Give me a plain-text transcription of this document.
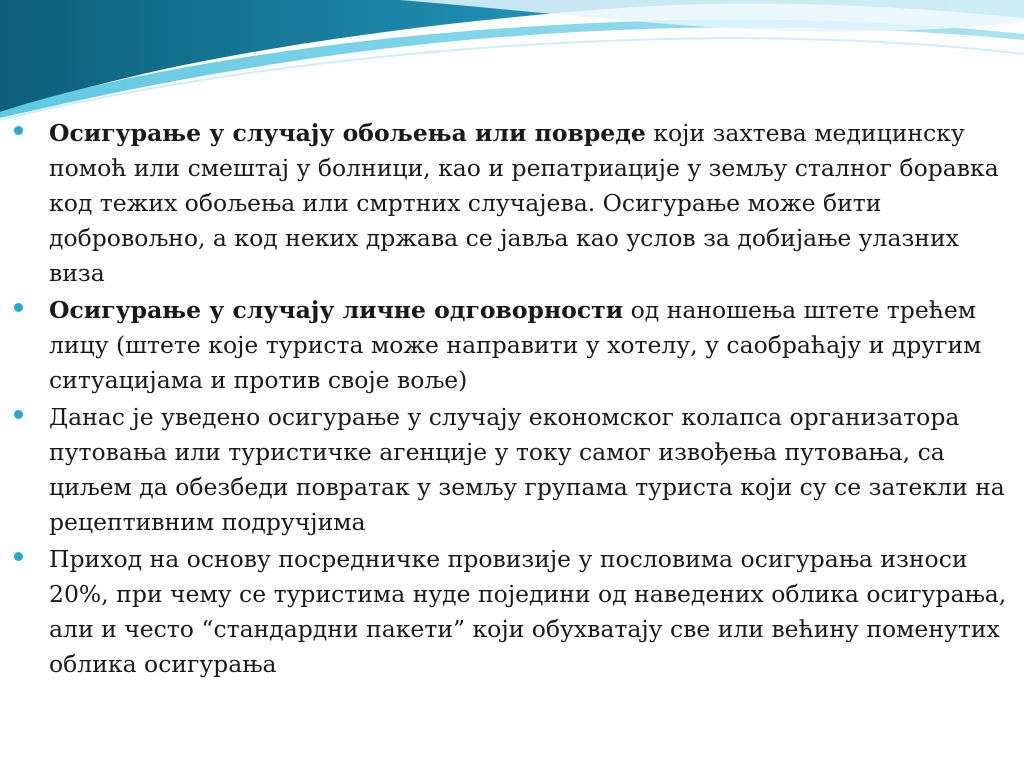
Осигурање у случају обољења или повреде који захтева медицинску помоћ или смештај у болници, као и репатриације у земљу сталног боравка код тежих обољења или смртних случајева. Осигурање може бити добровољно, а код неких држава се јавља као услов за добијање улазних виза
Осигурање у случају личне одговорности од наношења штете трећем лицу (штете које туриста може направити у хотелу, у саобраћају и другим ситуацијама и против своје воље)
Данас је уведено осигурање у случају економског колапса организатора путовања или туристичке агенције у току самог извођења путовања, са циљем да обезбеди повратак у земљу групама туриста који су се затекли на рецептивним подручјима
Приход на основу посредничке провизије у пословима осигурања износи 20%, при чему се туристима нуде поједини од наведених облика осигурања, али и често “стандардни пакети” који обухватају све или већину поменутих облика осигурања
